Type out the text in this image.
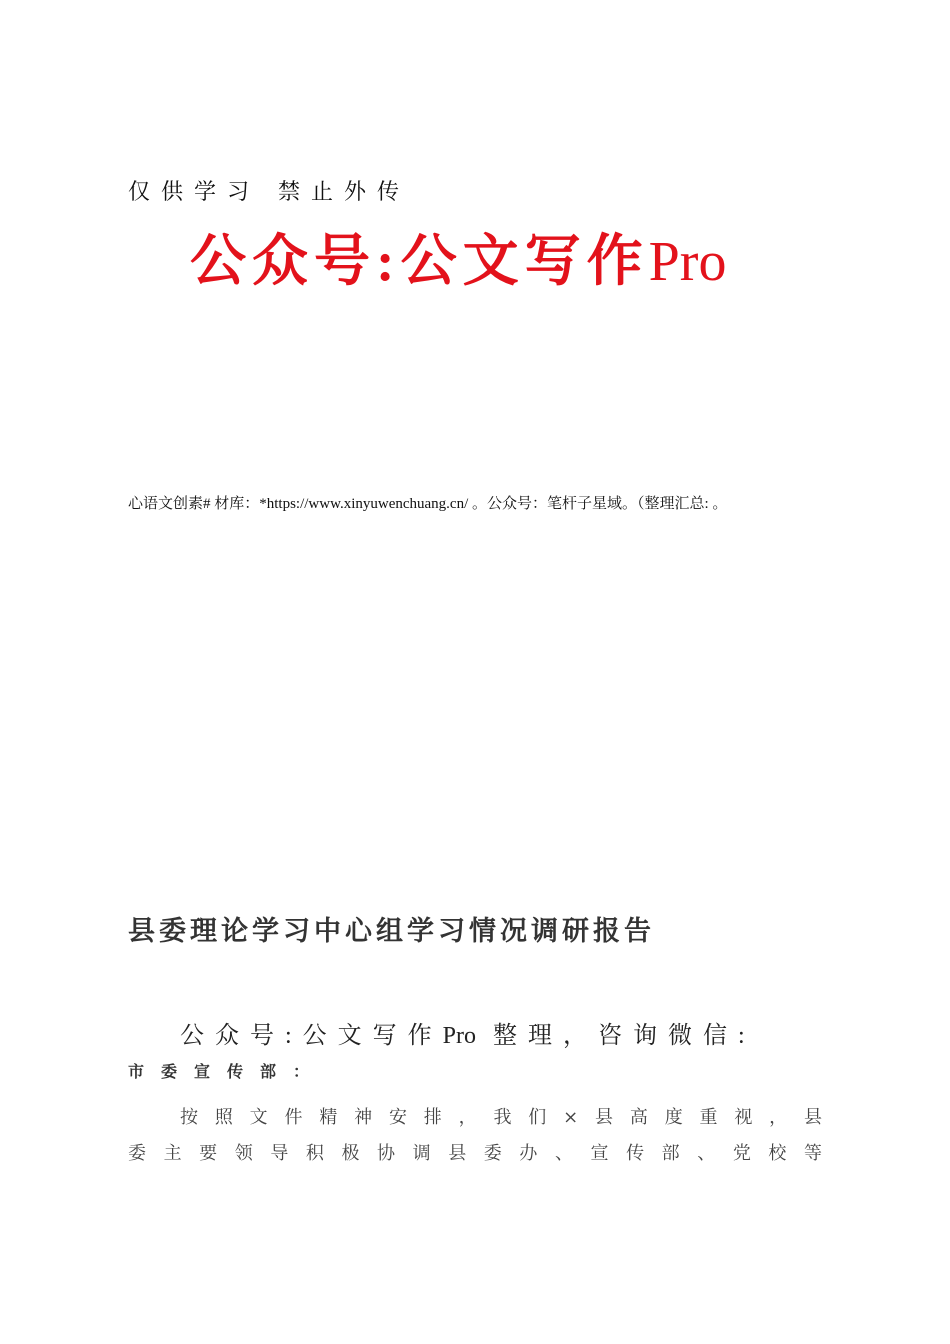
仅供学习 禁止外传
公众号:公文写作Pro
心语文创素# 材库：*https://www.xinyuwenchuang.cn/ 。公众号：笔杆子星域。（整理汇总: 。
县委理论学习中心组学习情况调研报告
公众号:公文写作Pro 整理，咨询微信:
市委宣传部：
按 照 文 件 精 神 安 排 ， 我 们 × 县 高 度 重 视 ， 县
委 主 要 领 导 积 极 协 调 县 委 办 、 宣 传 部 、 党 校 等
